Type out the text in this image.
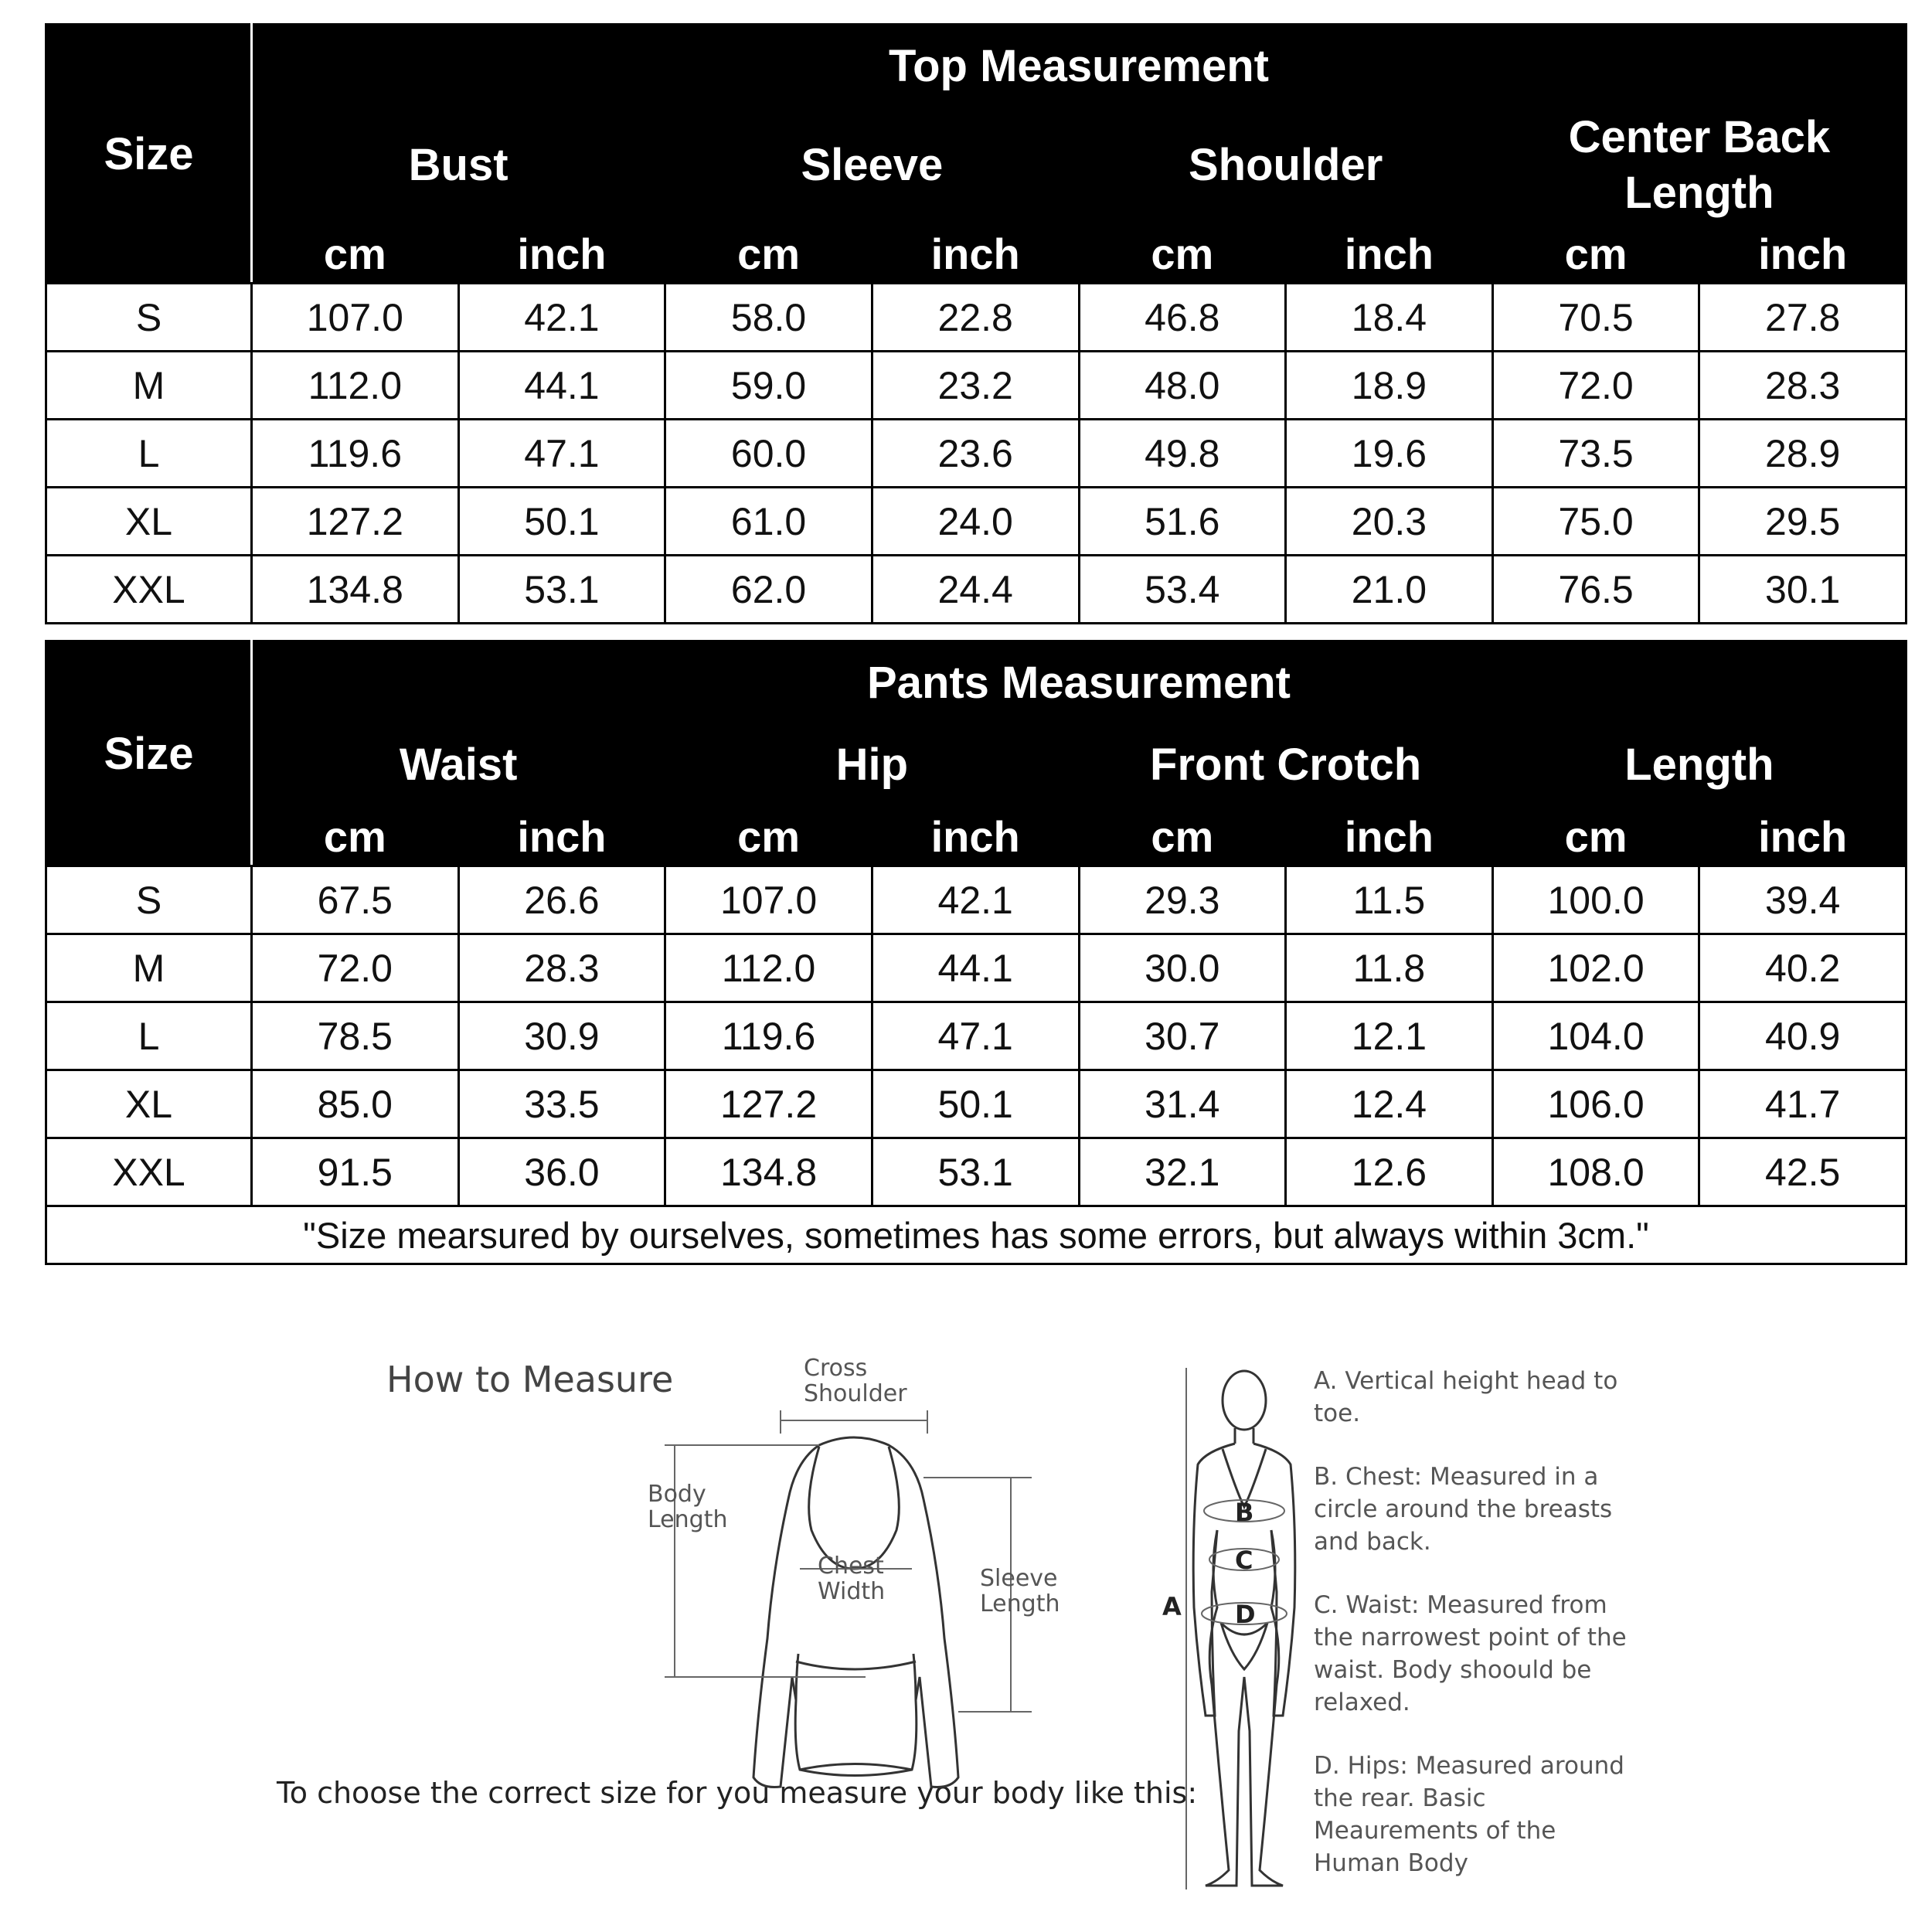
Size	Top Measurement							
	Bust		Sleeve		Shoulder		Center Back Length	
	cm	inch	cm	inch	cm	inch	cm	inch
S	107.0	42.1	58.0	22.8	46.8	18.4	70.5	27.8
M	112.0	44.1	59.0	23.2	48.0	18.9	72.0	28.3
L	119.6	47.1	60.0	23.6	49.8	19.6	73.5	28.9
XL	127.2	50.1	61.0	24.0	51.6	20.3	75.0	29.5
XXL	134.8	53.1	62.0	24.4	53.4	21.0	76.5	30.1
Size	Pants Measurement							
	Waist		Hip		Front Crotch		Length	
	cm	inch	cm	inch	cm	inch	cm	inch
S	67.5	26.6	107.0	42.1	29.3	11.5	100.0	39.4
M	72.0	28.3	112.0	44.1	30.0	11.8	102.0	40.2
L	78.5	30.9	119.6	47.1	30.7	12.1	104.0	40.9
XL	85.0	33.5	127.2	50.1	31.4	12.4	106.0	41.7
XXL	91.5	36.0	134.8	53.1	32.1	12.6	108.0	42.5
"Size mearsured by ourselves, sometimes has some errors, but always within 3cm."								
How to Measure
To choose the correct size for you measure your body like this:
Cross
Shoulder
Body
Length
Chest
Width	Sleeve
Length
B
C
D
A
A. Vertical height head to toe.
B. Chest: Measured in a circle around the breasts and back.
C. Waist: Measured from the narrowest point of the waist. Body shoould be relaxed.
D. Hips: Measured around the rear. Basic Meaurements of the Human Body
